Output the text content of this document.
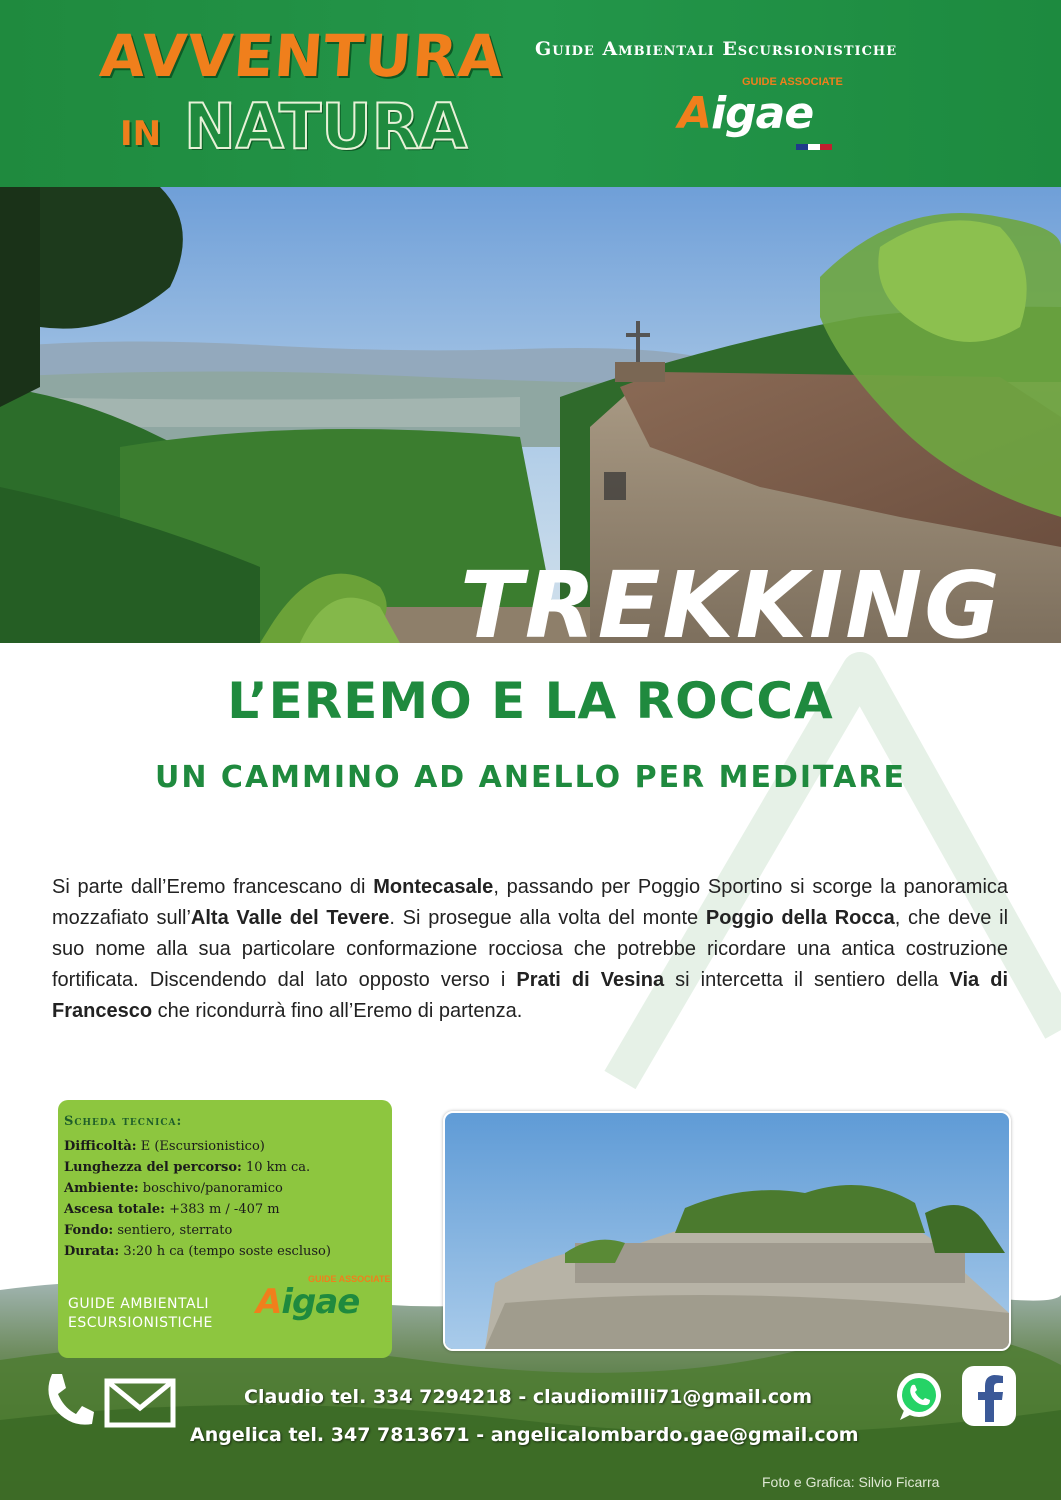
AVVENTURA
IN NATURA
Guide Ambientali Escursionistiche
GUIDE ASSOCIATE
Aigae
TREKKING
L’EREMO E LA ROCCA
UN CAMMINO AD ANELLO PER MEDITARE
Si parte dall’Eremo francescano di Montecasale, passando per Poggio Sportino si scorge la panoramica mozzafiato sull’Alta Valle del Tevere. Si prosegue alla volta del monte Poggio della Rocca, che deve il suo nome alla sua particolare conformazione rocciosa che potrebbe ricordare una antica costruzione fortificata. Discendendo dal lato opposto verso i Prati di Vesina si intercetta il sentiero della Via di Francesco che ricondurrà fino all’Eremo di partenza.
Scheda tecnica:
Difficoltà: E (Escursionistico)
Lunghezza del percorso: 10 km ca.
Ambiente: boschivo/panoramico
Ascesa totale: +383 m / -407 m
Fondo: sentiero, sterrato
Durata: 3:20 h ca (tempo soste escluso)
GUIDE AMBIENTALI
ESCURSIONISTICHE
GUIDE ASSOCIATE
Aigae
Claudio tel. 334 7294218 - claudiomilli71@gmail.com
Angelica tel. 347 7813671 - angelicalombardo.gae@gmail.com
Foto e Grafica: Silvio Ficarra
